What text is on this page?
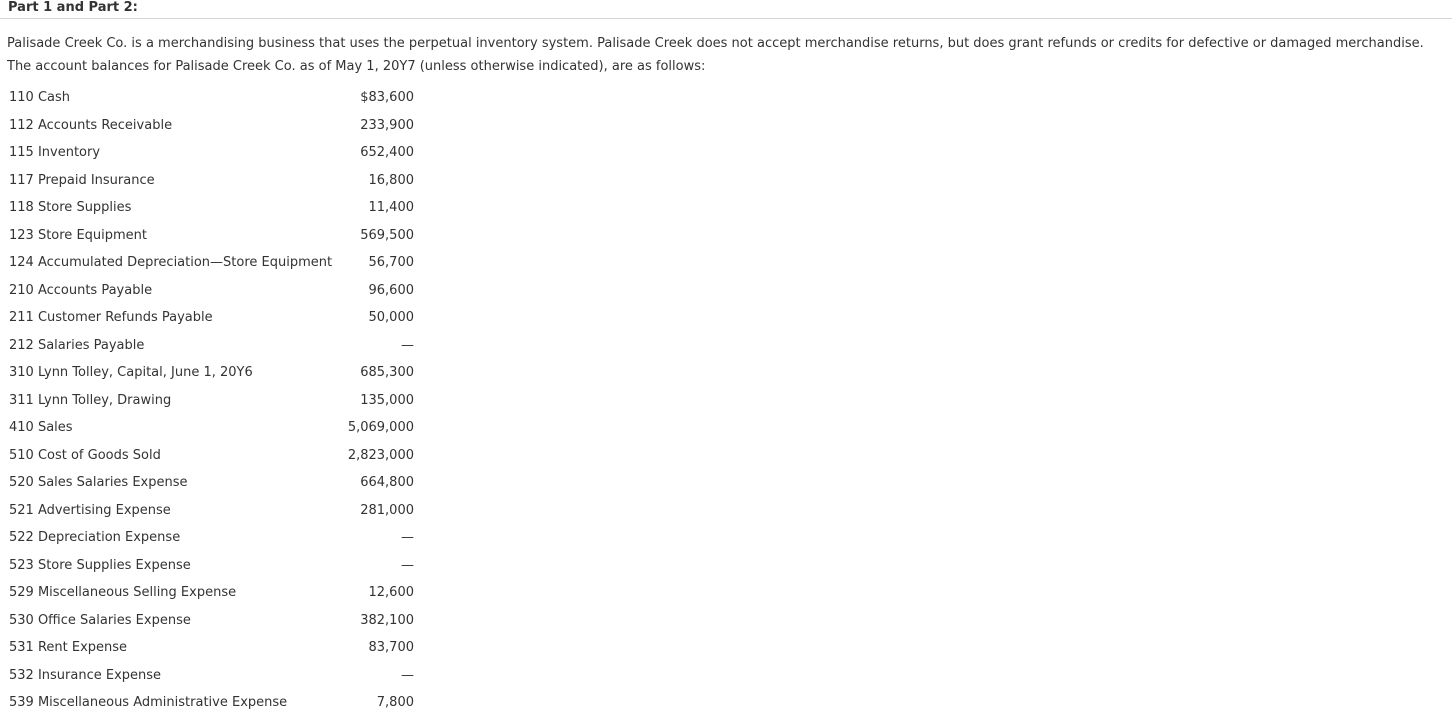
Part 1 and Part 2:

Palisade Creek Co. is a merchandising business that uses the perpetual inventory system. Palisade Creek does not accept merchandise returns, but does grant refunds or credits for defective or damaged merchandise.

The account balances for Palisade Creek Co. as of May 1, 20Y7 (unless otherwise indicated), are as follows:

110 Cash	$83,600
112 Accounts Receivable	233,900
115 Inventory	652,400
117 Prepaid Insurance	16,800
118 Store Supplies	11,400
123 Store Equipment	569,500
124 Accumulated Depreciation—Store Equipment	56,700
210 Accounts Payable	96,600
211 Customer Refunds Payable	50,000
212 Salaries Payable	—
310 Lynn Tolley, Capital, June 1, 20Y6	685,300
311 Lynn Tolley, Drawing	135,000
410 Sales	5,069,000
510 Cost of Goods Sold	2,823,000
520 Sales Salaries Expense	664,800
521 Advertising Expense	281,000
522 Depreciation Expense	—
523 Store Supplies Expense	—
529 Miscellaneous Selling Expense	12,600
530 Office Salaries Expense	382,100
531 Rent Expense	83,700
532 Insurance Expense	—
539 Miscellaneous Administrative Expense	7,800
